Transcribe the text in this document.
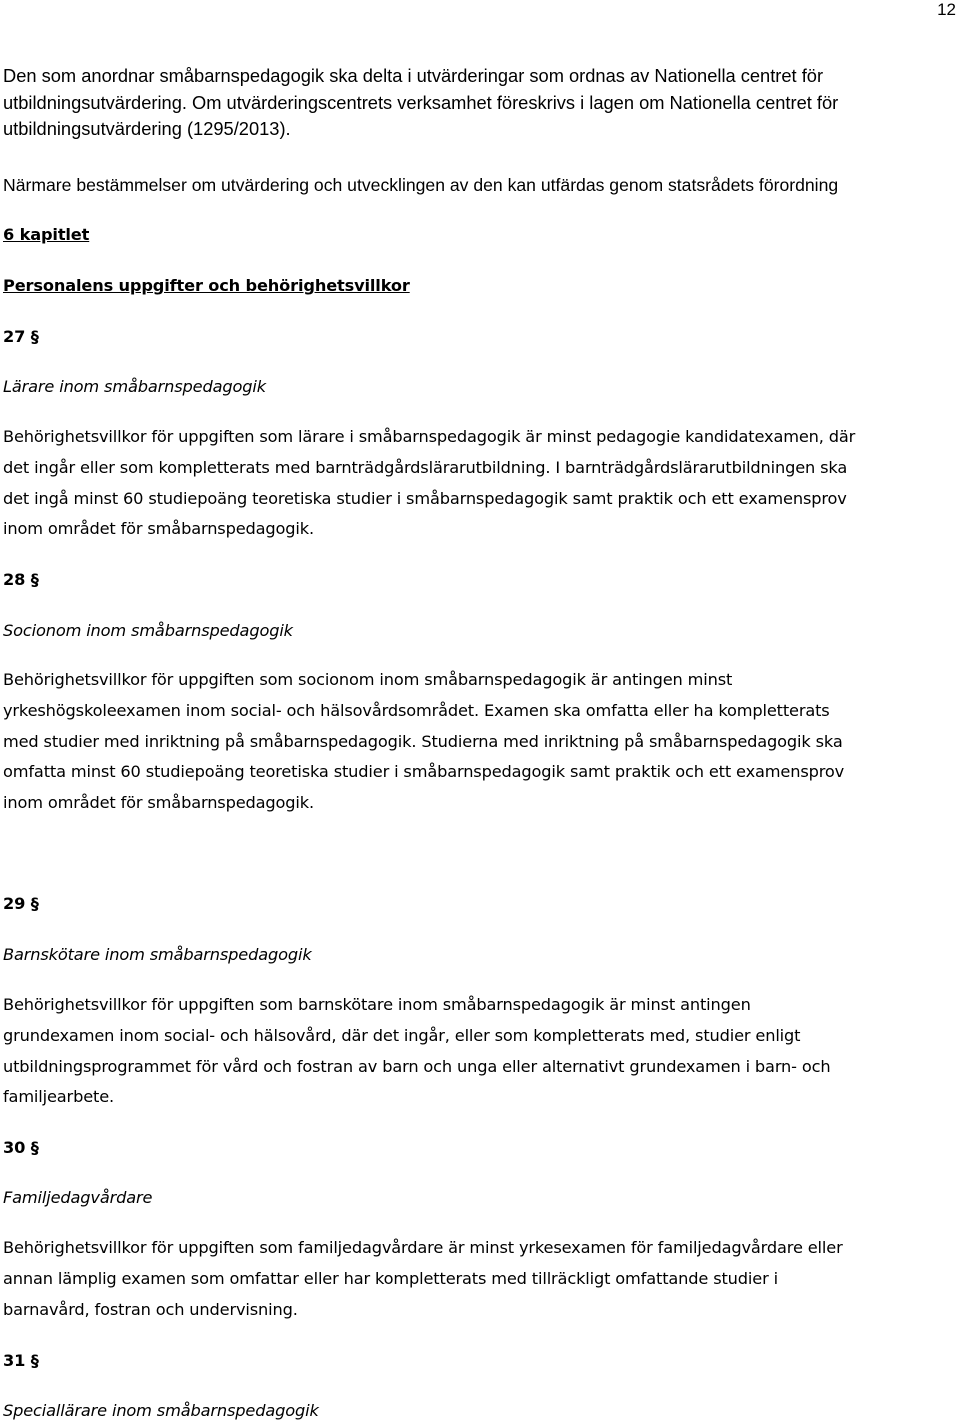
12
Den som anordnar småbarnspedagogik ska delta i utvärderingar som ordnas av Nationella centret för
utbildningsutvärdering. Om utvärderingscentrets verksamhet föreskrivs i lagen om Nationella centret för
utbildningsutvärdering (1295/2013).
Närmare bestämmelser om utvärdering och utvecklingen av den kan utfärdas genom statsrådets förordning
6 kapitlet
Personalens uppgifter och behörighetsvillkor
27 §
Lärare inom småbarnspedagogik
Behörighetsvillkor för uppgiften som lärare i småbarnspedagogik är minst pedagogie kandidatexamen, där
det ingår eller som kompletterats med barnträdgårdslärarutbildning. I barnträdgårdslärarutbildningen ska
det ingå minst 60 studiepoäng teoretiska studier i småbarnspedagogik samt praktik och ett examensprov
inom området för småbarnspedagogik.
28 §
Socionom inom småbarnspedagogik
Behörighetsvillkor för uppgiften som socionom inom småbarnspedagogik är antingen minst
yrkeshögskoleexamen inom social- och hälsovårdsområdet. Examen ska omfatta eller ha kompletterats
med studier med inriktning på småbarnspedagogik. Studierna med inriktning på småbarnspedagogik ska
omfatta minst 60 studiepoäng teoretiska studier i småbarnspedagogik samt praktik och ett examensprov
inom området för småbarnspedagogik.
29 §
Barnskötare inom småbarnspedagogik
Behörighetsvillkor för uppgiften som barnskötare inom småbarnspedagogik är minst antingen
grundexamen inom social- och hälsovård, där det ingår, eller som kompletterats med, studier enligt
utbildningsprogrammet för vård och fostran av barn och unga eller alternativt grundexamen i barn- och
familjearbete.
30 §
Familjedagvårdare
Behörighetsvillkor för uppgiften som familjedagvårdare är minst yrkesexamen för familjedagvårdare eller
annan lämplig examen som omfattar eller har kompletterats med tillräckligt omfattande studier i
barnavård, fostran och undervisning.
31 §
Speciallärare inom småbarnspedagogik
